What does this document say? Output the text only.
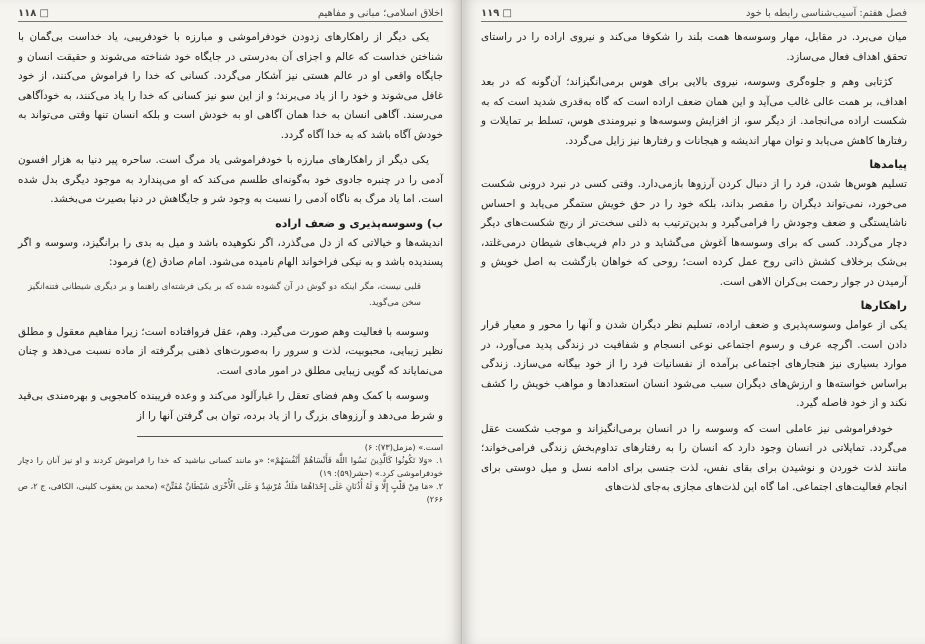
اخلاق اسلامی؛ مبانی و مفاهیم
□ ۱۱۸

یکی دیگر از راهکارهای زدودن خودفراموشی و مبارزه با خودفریبی، یاد خداست بی‌گمان با شناختن خداست که عالم و اجزای آن به‌درستی در جایگاه خود شناخته می‌شوند و حقیقت انسان و جایگاه واقعی او در عالم هستی نیز آشکار می‌گردد. کسانی که خدا را فراموش می‌کنند، از خود غافل می‌شوند و خود را از یاد می‌برند؛ و از این سو نیز کسانی که خدا را یاد می‌کنند، به خودآگاهی می‌رسند. آگاهی انسان به خدا همان آگاهی او به خودش است و بلکه انسان تنها وقتی می‌تواند به خودش آگاه باشد که به خدا آگاه گردد.

یکی دیگر از راهکارهای مبارزه با خودفراموشی یاد مرگ است. ساحره پیر دنیا به هزار افسون آدمی را در چنبره جادوی خود به‌گونه‌ای طلسم می‌کند که او می‌پندارد به موجود دیگری بدل شده است. اما یاد مرگ به ناگاه آدمی را نسبت به وجود شر و جایگاهش در دنیا بصیرت می‌بخشد.

ب) وسوسه‌پذیری و ضعف اراده

اندیشه‌ها و خیالاتی که از دل می‌گذرد، اگر نکوهیده باشد و میل به بدی را برانگیزد، وسوسه و اگر پسندیده باشد و به نیکی فراخواند الهام نامیده می‌شود. امام صادق (ع) فرمود:

قلبی نیست، مگر اینکه دو گوش در آن گشوده شده که بر یکی فرشته‌ای راهنما و بر دیگری شیطانی فتنه‌انگیز سخن می‌گوید.

وسوسه با فعالیت وهم صورت می‌گیرد. وهم، عقل فروافتاده است؛ زیرا مفاهیم معقول و مطلق نظیر زیبایی، محبوبیت، لذت و سرور را به‌صورت‌های ذهنی برگرفته از ماده نسبت می‌دهد و چنان می‌نمایاند که گویی زیبایی مطلق در امور مادی است.

وسوسه با کمک وهم فضای تعقل را غبارآلود می‌کند و وعده فریبنده کامجویی و بهره‌مندی بی‌قید و شرط می‌دهد و آرزوهای بزرگ را از یاد برده، توان بی گرفتن آنها را از

است.» (مزمل(۷۳): ۶)

۱. «وَلا تَكُونُوا كَالَّذِينَ نَسُوا اللَّهَ فَأَنْسَاهُمْ أَنْفُسَهُمْ»؛ «و مانند کسانی نباشید که خدا را فراموش کردند و او نیز آنان را دچار خودفراموشی کرد.» (حشر(۵۹): ۱۹)

۲. «مَا مِنْ قَلْبٍ إِلَّا وَ لَهُ أُذُنَانِ عَلَى إِحْدَاهُمَا مَلَكٌ مُرْشِدٌ وَ عَلَى الْأُخْرَى شَيْطَانٌ مُفَتِّنٌ» (محمد بن یعقوب کلینی، الکافی، ج ۲، ص ۲۶۶)

فصل هفتم: آسیب‌شناسی رابطه با خود
□ ۱۱۹

میان می‌برد. در مقابل، مهار وسوسه‌ها همت بلند را شکوفا می‌کند و نیروی اراده را در راستای تحقق اهداف فعال می‌سازد.

کژتابی وهم و جلوه‌گری وسوسه، نیروی بالایی برای هوس برمی‌انگیزاند؛ آن‌گونه که در بعد اهداف، بر همت عالی غالب می‌آید و این همان ضعف اراده است که گاه به‌قدری شدید است که به شکست اراده می‌انجامد. از دیگر سو، از افزایش وسوسه‌ها و نیرومندی هوس، تسلط بر تمایلات و رفتارها کاهش می‌یابد و توان مهار اندیشه و هیجانات و رفتارها نیز زایل می‌گردد.

پیامدها

تسلیم هوس‌ها شدن، فرد را از دنبال کردن آرزوها بازمی‌دارد. وقتی کسی در نبرد درونی شکست می‌خورد، نمی‌تواند دیگران را مقصر بداند، بلکه خود را در حق خویش ستمگر می‌یابد و احساس ناشایستگی و ضعف وجودش را فرامی‌گیرد و بدین‌ترتیب به ذلتی سخت‌تر از رنج شکست‌های دیگر دچار می‌گردد. کسی که برای وسوسه‌ها آغوش می‌گشاید و در دام فریب‌های شیطان درمی‌غلتد، بی‌شک برخلاف کشش ذاتی روح عمل کرده است؛ روحی که خواهان بازگشت به اصل خویش و آرمیدن در جوار رحمت بی‌کران الاهی است.

راهکارها

یکی از عوامل وسوسه‌پذیری و ضعف اراده، تسلیم نظر دیگران شدن و آنها را محور و معیار قرار دادن است. اگرچه عرف و رسوم اجتماعی نوعی انسجام و شفافیت در زندگی پدید می‌آورد، در موارد بسیاری نیز هنجارهای اجتماعی برآمده از نفسانیات فرد را از خود بیگانه می‌سازد. زندگی براساس خواسته‌ها و ارزش‌های دیگران سبب می‌شود انسان استعدادها و مواهب خویش را کشف نکند و از خود فاصله گیرد.

خودفراموشی نیز عاملی است که وسوسه را در انسان برمی‌انگیزاند و موجب شکست عقل می‌گردد. تمایلاتی در انسان وجود دارد که انسان را به رفتارهای تداوم‌بخش زندگی فرامی‌خواند؛ مانند لذت خوردن و نوشیدن برای بقای نفس، لذت جنسی برای ادامه نسل و میل دوستی برای انجام فعالیت‌های اجتماعی. اما گاه این لذت‌های مجازی به‌جای لذت‌های
